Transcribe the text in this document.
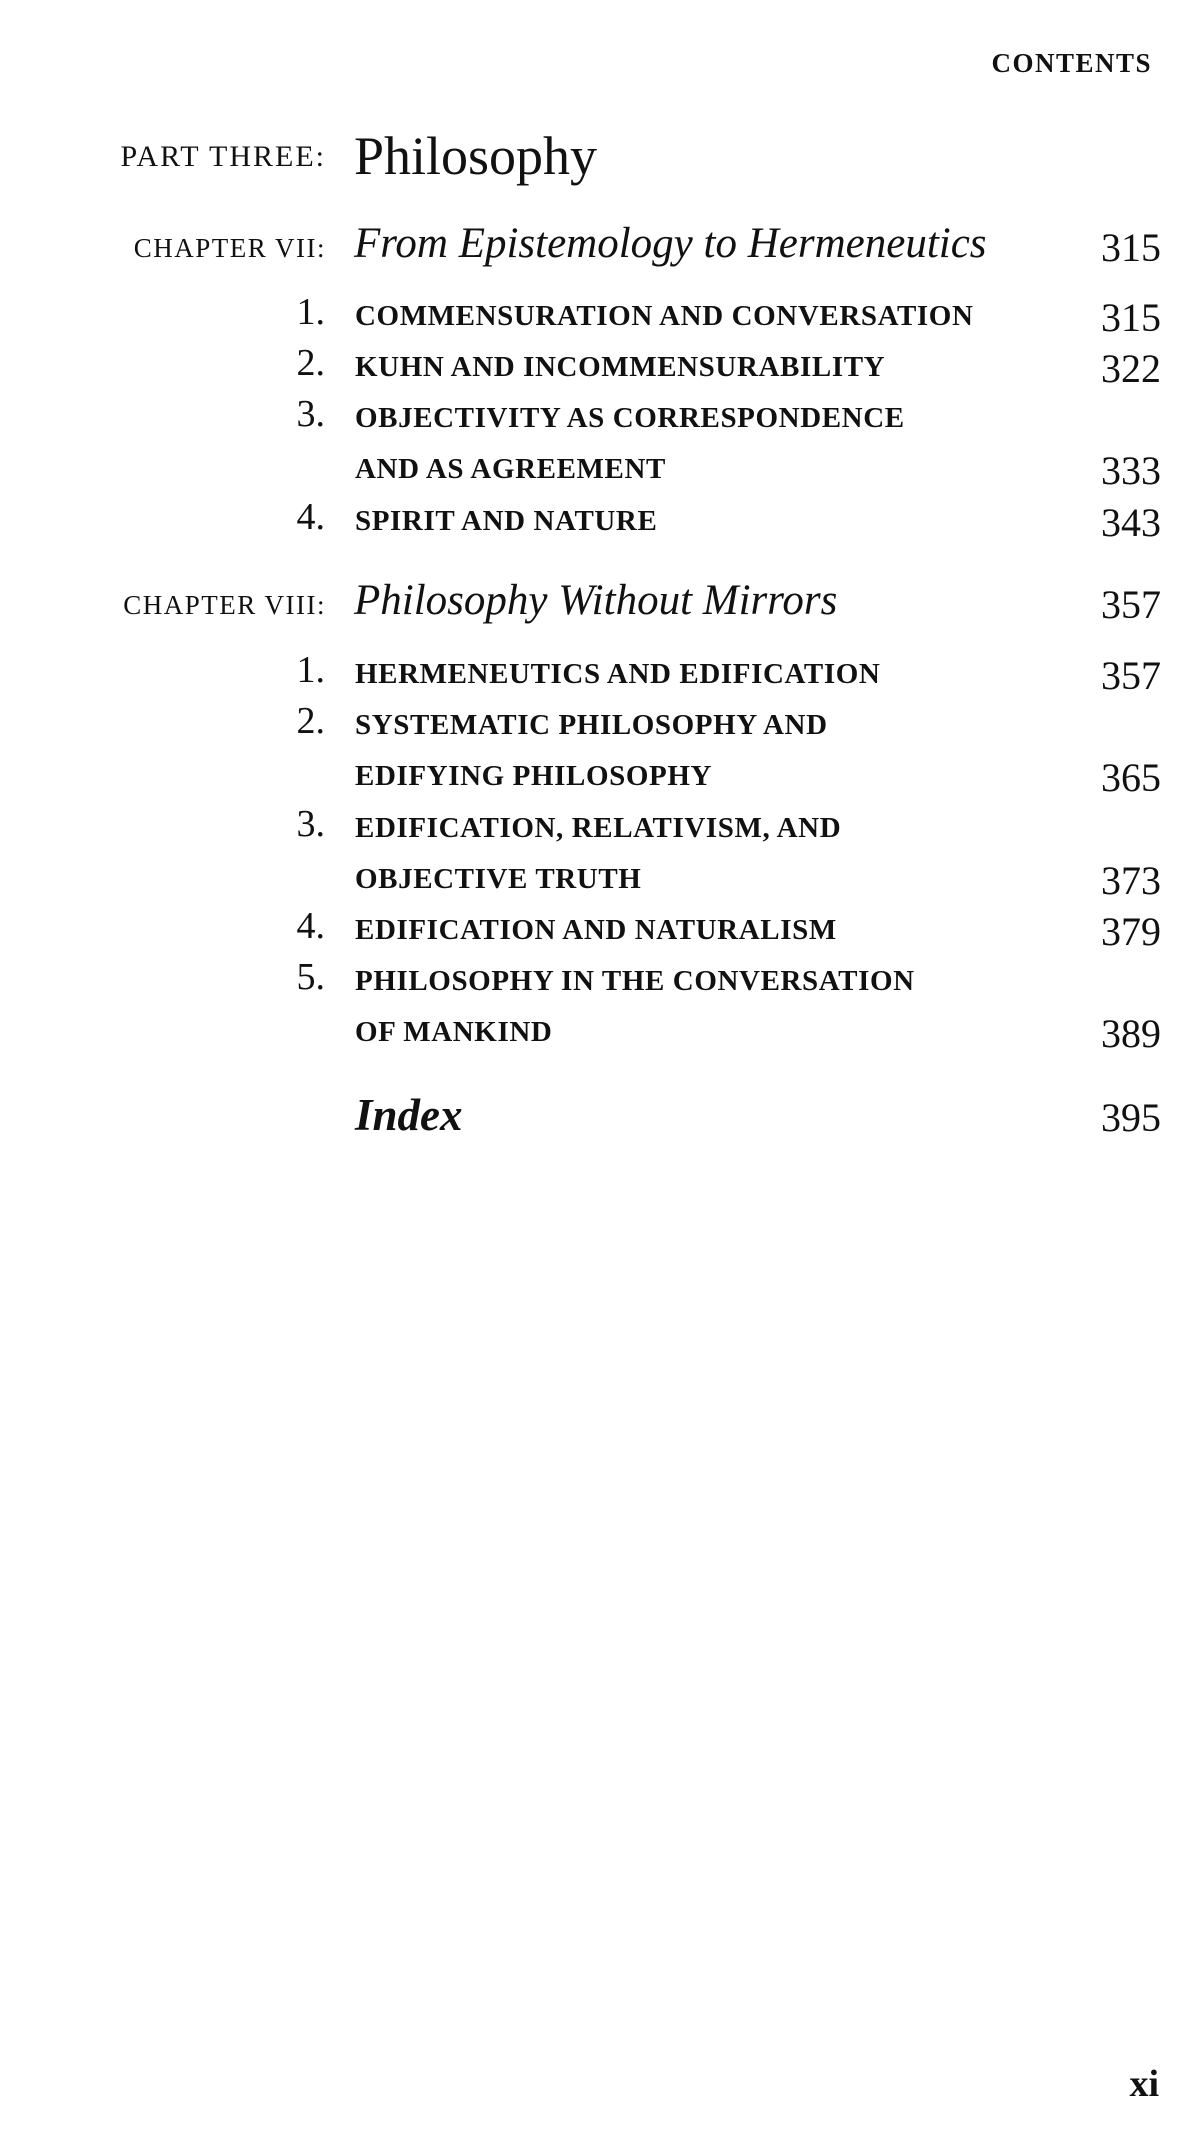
CONTENTS
PART THREE: Philosophy
CHAPTER VII: From Epistemology to Hermeneutics	315
1. COMMENSURATION AND CONVERSATION	315
2. KUHN AND INCOMMENSURABILITY	322
3. OBJECTIVITY AS CORRESPONDENCE
AND AS AGREEMENT	333
4. SPIRIT AND NATURE	343
CHAPTER VIII: Philosophy Without Mirrors	357
1. HERMENEUTICS AND EDIFICATION	357
2. SYSTEMATIC PHILOSOPHY AND
EDIFYING PHILOSOPHY	365
3. EDIFICATION, RELATIVISM, AND
OBJECTIVE TRUTH	373
4. EDIFICATION AND NATURALISM	379
5. PHILOSOPHY IN THE CONVERSATION
OF MANKIND	389
Index	395
xi
